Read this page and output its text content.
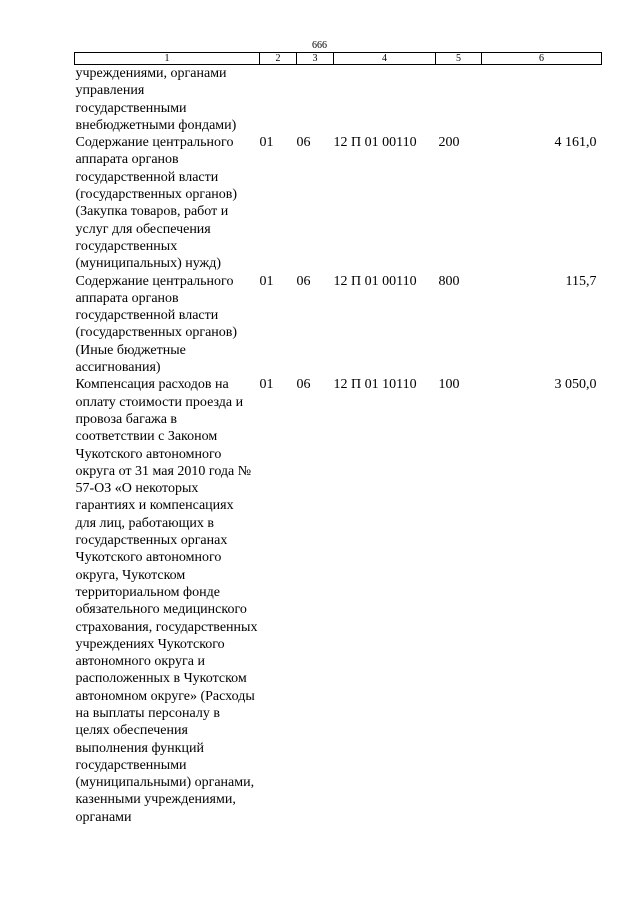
666
1	2	3	4	5	6
учреждениями, органами управления государственными внебюджетными фондами)					
Содержание центрального аппарата органов государственной власти (государственных органов) (Закупка товаров, работ и услуг для обеспечения государственных (муниципальных) нужд)	01	06	12 П 01 00110	200	4 161,0
Содержание центрального аппарата органов государственной власти (государственных органов) (Иные бюджетные ассигнования)	01	06	12 П 01 00110	800	115,7
Компенсация расходов на оплату стоимости проезда и провоза багажа в соответствии с Законом Чукотского автономного округа от 31 мая 2010 года № 57-ОЗ «О некоторых гарантиях и компенсациях для лиц, работающих в государственных органах Чукотского автономного округа, Чукотском территориальном фонде обязательного медицинского страхования, государственных учреждениях Чукотского автономного округа и расположенных в Чукотском автономном округе» (Расходы на выплаты персоналу в целях обеспечения выполнения функций государственными (муниципальными) органами, казенными учреждениями, органами	01	06	12 П 01 10110	100	3 050,0
